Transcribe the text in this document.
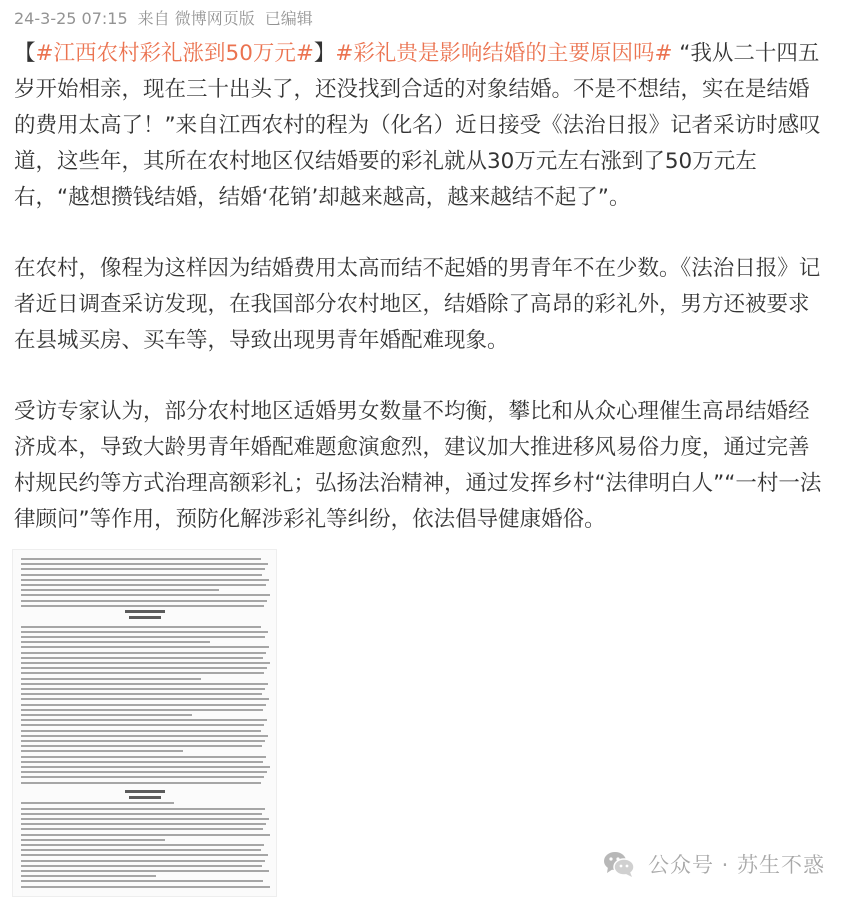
24-3-25 07:15 来自 微博网页版 已编辑

【#江西农村彩礼涨到50万元#】#彩礼贵是影响结婚的主要原因吗# “我从二十四五岁开始相亲，现在三十出头了，还没找到合适的对象结婚。不是不想结，实在是结婚的费用太高了！”来自江西农村的程为（化名）近日接受《法治日报》记者采访时感叹道，这些年，其所在农村地区仅结婚要的彩礼就从30万元左右涨到了50万元左右，“越想攒钱结婚，结婚‘花销’却越来越高，越来越结不起了”。

在农村，像程为这样因为结婚费用太高而结不起婚的男青年不在少数。《法治日报》记者近日调查采访发现，在我国部分农村地区，结婚除了高昂的彩礼外，男方还被要求在县城买房、买车等，导致出现男青年婚配难现象。

受访专家认为，部分农村地区适婚男女数量不均衡，攀比和从众心理催生高昂结婚经济成本，导致大龄男青年婚配难题愈演愈烈，建议加大推进移风易俗力度，通过完善村规民约等方式治理高额彩礼；弘扬法治精神，通过发挥乡村“法律明白人”“一村一法律顾问”等作用，预防化解涉彩礼等纠纷，依法倡导健康婚俗。

公众号 · 苏生不惑
